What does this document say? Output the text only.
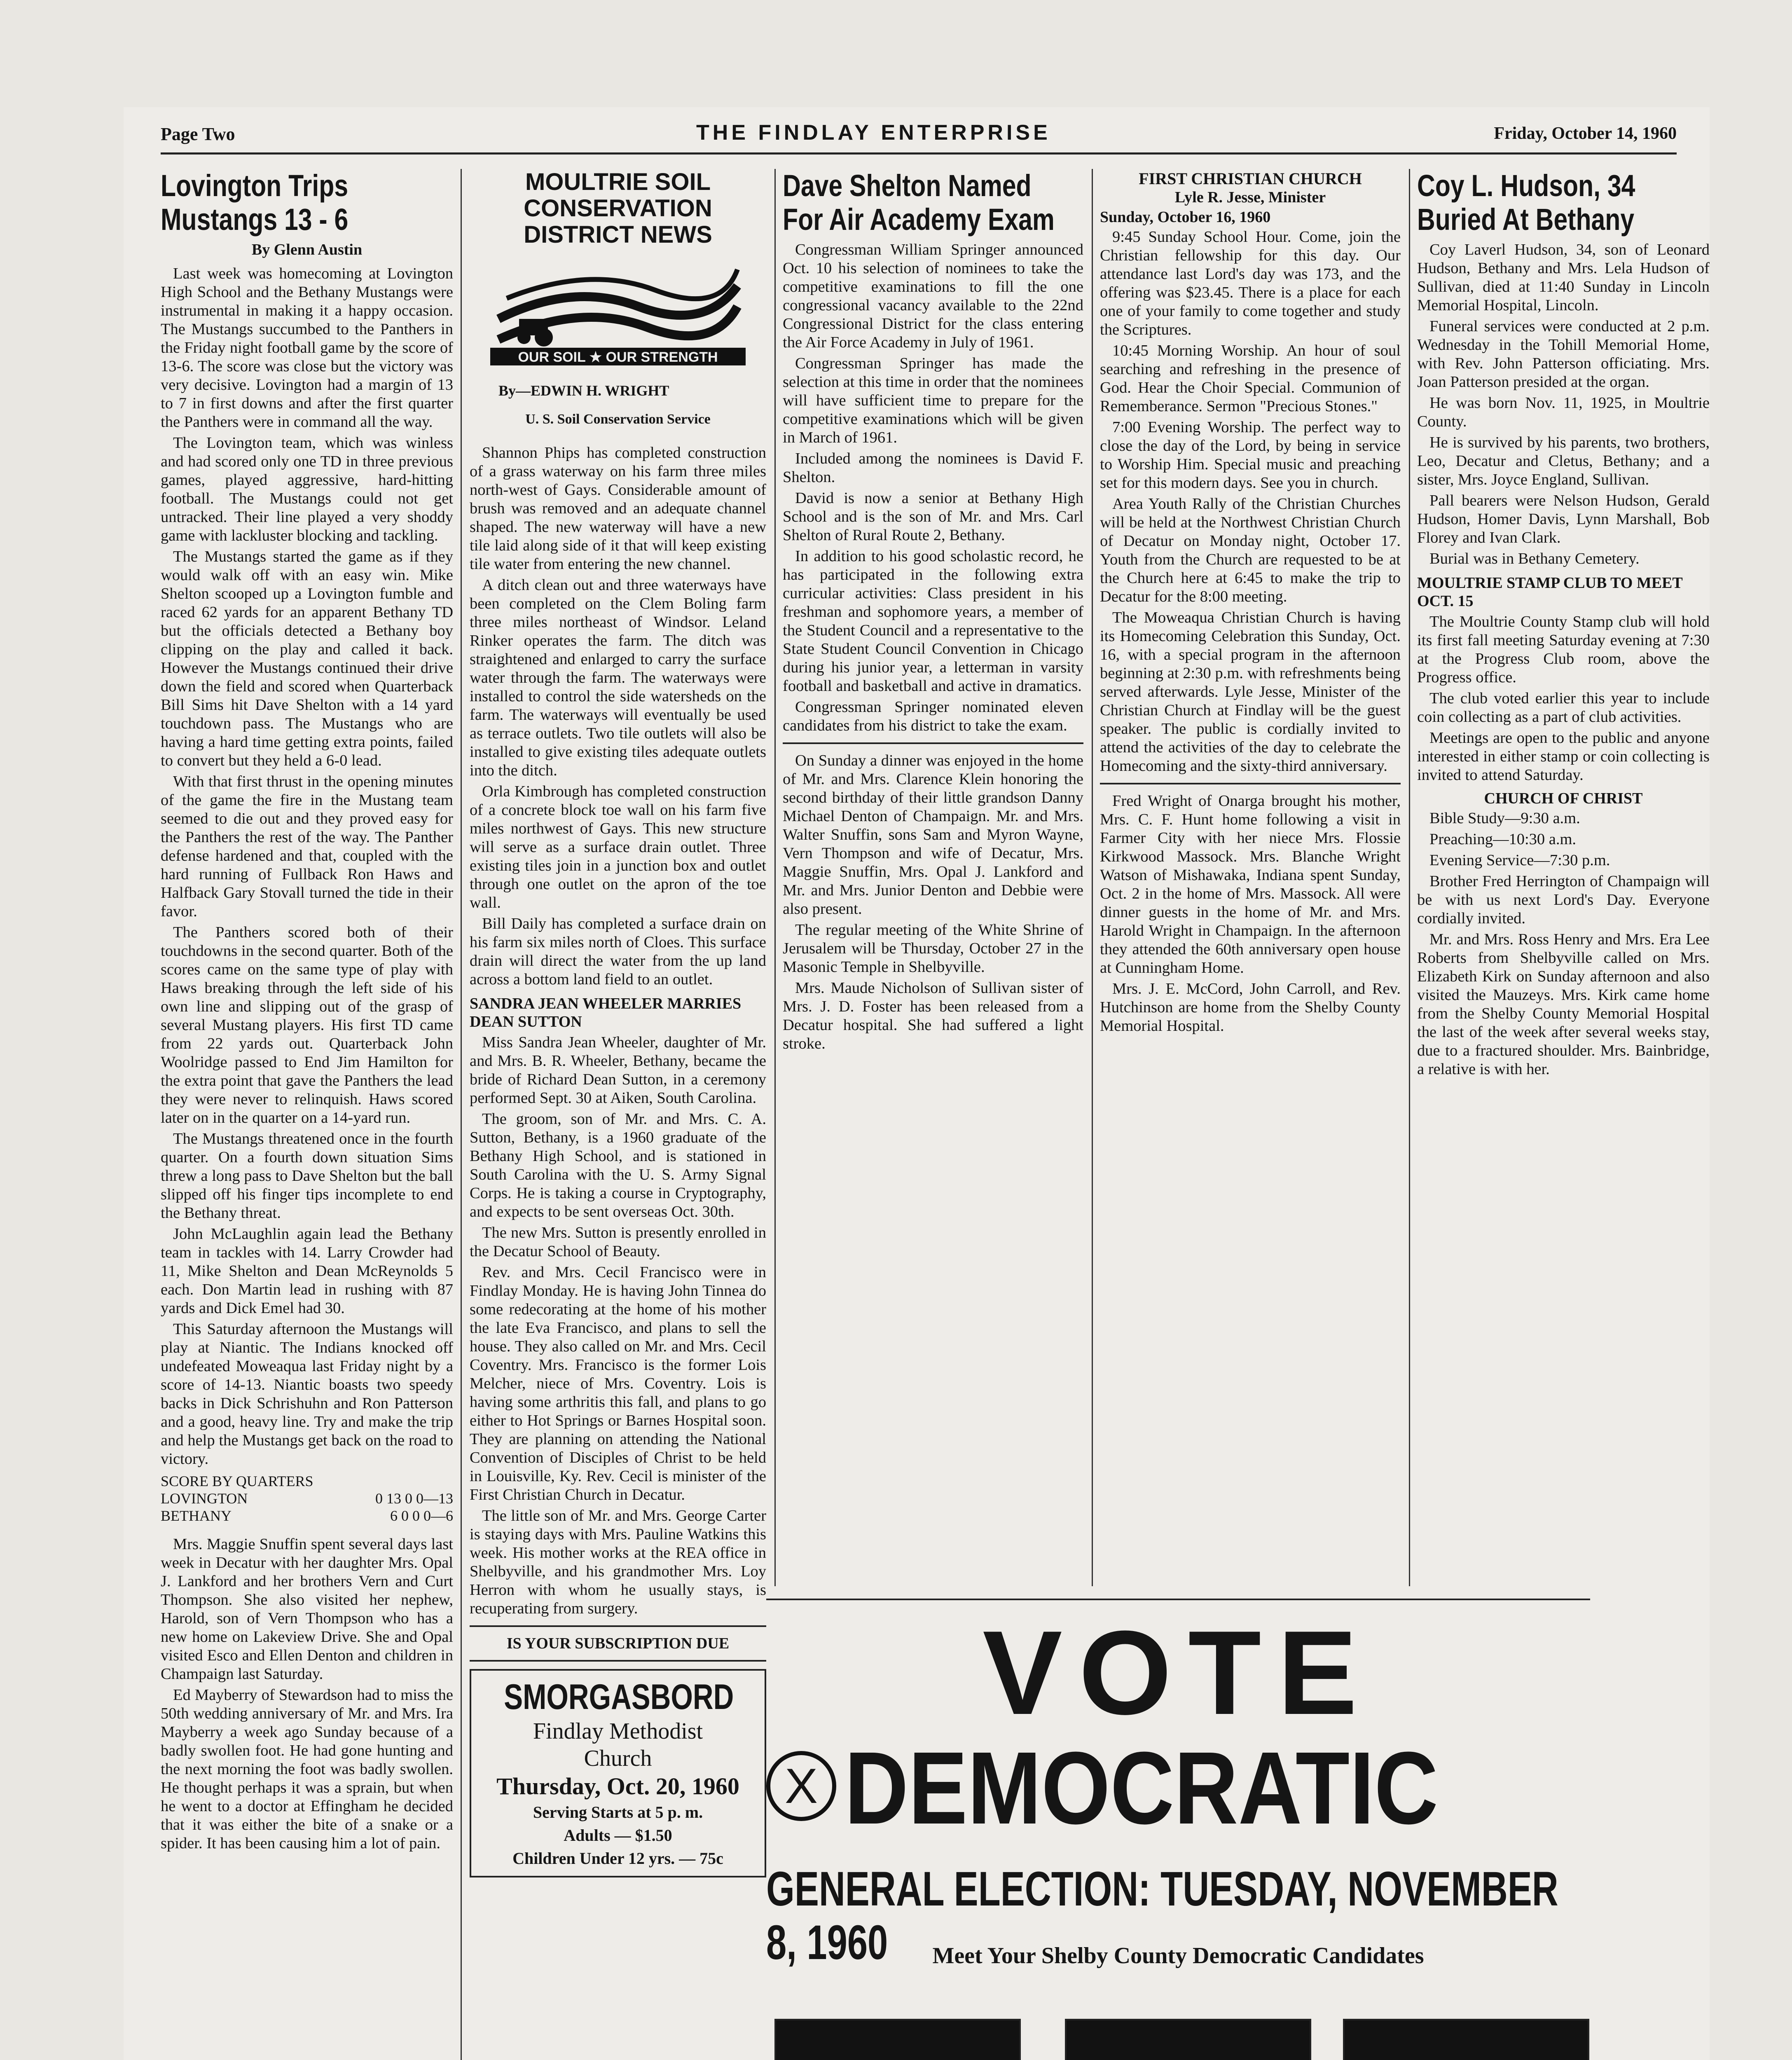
Page Two	THE FINDLAY ENTERPRISE	Friday, October 14, 1960
Lovington Trips
Mustangs 13 - 6
By Glenn Austin

Last week was homecoming at Lovington High School and the Bethany Mustangs were instrumental in making it a happy occasion. The Mustangs succumbed to the Panthers in the Friday night football game by the score of 13-6. The score was close but the victory was very decisive. Lovington had a margin of 13 to 7 in first downs and after the first quarter the Panthers were in command all the way.

The Lovington team, which was winless and had scored only one TD in three previous games, played aggressive, hard-hitting football. The Mustangs could not get untracked. Their line played a very shoddy game with lackluster blocking and tackling.

The Mustangs started the game as if they would walk off with an easy win. Mike Shelton scooped up a Lovington fumble and raced 62 yards for an apparent Bethany TD but the officials detected a Bethany boy clipping on the play and called it back. However the Mustangs continued their drive down the field and scored when Quarterback Bill Sims hit Dave Shelton with a 14 yard touchdown pass. The Mustangs who are having a hard time getting extra points, failed to convert but they held a 6-0 lead.

With that first thrust in the opening minutes of the game the fire in the Mustang team seemed to die out and they proved easy for the Panthers the rest of the way. The Panther defense hardened and that, coupled with the hard running of Fullback Ron Haws and Halfback Gary Stovall turned the tide in their favor.

The Panthers scored both of their touchdowns in the second quarter. Both of the scores came on the same type of play with Haws breaking through the left side of his own line and slipping out of the grasp of several Mustang players. His first TD came from 22 yards out. Quarterback John Woolridge passed to End Jim Hamilton for the extra point that gave the Panthers the lead they were never to relinquish. Haws scored later on in the quarter on a 14-yard run.

The Mustangs threatened once in the fourth quarter. On a fourth down situation Sims threw a long pass to Dave Shelton but the ball slipped off his finger tips incomplete to end the Bethany threat.

John McLaughlin again lead the Bethany team in tackles with 14. Larry Crowder had 11, Mike Shelton and Dean McReynolds 5 each. Don Martin lead in rushing with 87 yards and Dick Emel had 30.

This Saturday afternoon the Mustangs will play at Niantic. The Indians knocked off undefeated Moweaqua last Friday night by a score of 14-13. Niantic boasts two speedy backs in Dick Schrishuhn and Ron Patterson and a good, heavy line. Try and make the trip and help the Mustangs get back on the road to victory.

SCORE BY QUARTERS
LOVINGTON	0 13 0 0—13
BETHANY	6 0 0 0—6

Mrs. Maggie Snuffin spent several days last week in Decatur with her daughter Mrs. Opal J. Lankford and her brothers Vern and Curt Thompson. She also visited her nephew, Harold, son of Vern Thompson who has a new home on Lakeview Drive. She and Opal visited Esco and Ellen Denton and children in Champaign last Saturday.

Ed Mayberry of Stewardson had to miss the 50th wedding anniversary of Mr. and Mrs. Ira Mayberry a week ago Sunday because of a badly swollen foot. He had gone hunting and the next morning the foot was badly swollen. He thought perhaps it was a sprain, but when he went to a doctor at Effingham he decided that it was either the bite of a snake or a spider. It has been causing him a lot of pain.

MOULTRIE SOIL
CONSERVATION
DISTRICT NEWS
OUR SOIL ★ OUR STRENGTH
By—EDWIN H. WRIGHT
U. S. Soil Conservation Service

Shannon Phips has completed construction of a grass waterway on his farm three miles north-west of Gays. Considerable amount of brush was removed and an adequate channel shaped. The new waterway will have a new tile laid along side of it that will keep existing tile water from entering the new channel.

A ditch clean out and three waterways have been completed on the Clem Boling farm three miles northeast of Windsor. Leland Rinker operates the farm. The ditch was straightened and enlarged to carry the surface water through the farm. The waterways were installed to control the side watersheds on the farm. The waterways will eventually be used as terrace outlets. Two tile outlets will also be installed to give existing tiles adequate outlets into the ditch.

Orla Kimbrough has completed construction of a concrete block toe wall on his farm five miles northwest of Gays. This new structure will serve as a surface drain outlet. Three existing tiles join in a junction box and outlet through one outlet on the apron of the toe wall.

Bill Daily has completed a surface drain on his farm six miles north of Cloes. This surface drain will direct the water from the up land across a bottom land field to an outlet.

SANDRA JEAN WHEELER MARRIES DEAN SUTTON

Miss Sandra Jean Wheeler, daughter of Mr. and Mrs. B. R. Wheeler, Bethany, became the bride of Richard Dean Sutton, in a ceremony performed Sept. 30 at Aiken, South Carolina.

The groom, son of Mr. and Mrs. C. A. Sutton, Bethany, is a 1960 graduate of the Bethany High School, and is stationed in South Carolina with the U. S. Army Signal Corps. He is taking a course in Cryptography, and expects to be sent overseas Oct. 30th.

The new Mrs. Sutton is presently enrolled in the Decatur School of Beauty.

Rev. and Mrs. Cecil Francisco were in Findlay Monday. He is having John Tinnea do some redecorating at the home of his mother the late Eva Francisco, and plans to sell the house. They also called on Mr. and Mrs. Cecil Coventry. Mrs. Francisco is the former Lois Melcher, niece of Mrs. Coventry. Lois is having some arthritis this fall, and plans to go either to Hot Springs or Barnes Hospital soon. They are planning on attending the National Convention of Disciples of Christ to be held in Louisville, Ky. Rev. Cecil is minister of the First Christian Church in Decatur.

The little son of Mr. and Mrs. George Carter is staying days with Mrs. Pauline Watkins this week. His mother works at the REA office in Shelbyville, and his grandmother Mrs. Loy Herron with whom he usually stays, is recuperating from surgery.

IS YOUR SUBSCRIPTION DUE
SMORGASBORD
Findlay Methodist
Church
Thursday, Oct. 20, 1960
Serving Starts at 5 p. m.
Adults — $1.50
Children Under 12 yrs. — 75c
Dave Shelton Named
For Air Academy Exam

Congressman William Springer announced Oct. 10 his selection of nominees to take the competitive examinations to fill the one congressional vacancy available to the 22nd Congressional District for the class entering the Air Force Academy in July of 1961.

Congressman Springer has made the selection at this time in order that the nominees will have sufficient time to prepare for the competitive examinations which will be given in March of 1961.

Included among the nominees is David F. Shelton.

David is now a senior at Bethany High School and is the son of Mr. and Mrs. Carl Shelton of Rural Route 2, Bethany.

In addition to his good scholastic record, he has participated in the following extra curricular activities: Class president in his freshman and sophomore years, a member of the Student Council and a representative to the State Student Council Convention in Chicago during his junior year, a letterman in varsity football and basketball and active in dramatics.

Congressman Springer nominated eleven candidates from his district to take the exam.

On Sunday a dinner was enjoyed in the home of Mr. and Mrs. Clarence Klein honoring the second birthday of their little grandson Danny Michael Denton of Champaign. Mr. and Mrs. Walter Snuffin, sons Sam and Myron Wayne, Vern Thompson and wife of Decatur, Mrs. Maggie Snuffin, Mrs. Opal J. Lankford and Mr. and Mrs. Junior Denton and Debbie were also present.

The regular meeting of the White Shrine of Jerusalem will be Thursday, October 27 in the Masonic Temple in Shelbyville.

Mrs. Maude Nicholson of Sullivan sister of Mrs. J. D. Foster has been released from a Decatur hospital. She had suffered a light stroke.

FIRST CHRISTIAN CHURCH
Lyle R. Jesse, Minister
Sunday, October 16, 1960

9:45 Sunday School Hour. Come, join the Christian fellowship for this day. Our attendance last Lord's day was 173, and the offering was $23.45. There is a place for each one of your family to come together and study the Scriptures.

10:45 Morning Worship. An hour of soul searching and refreshing in the presence of God. Hear the Choir Special. Communion of Rememberance. Sermon "Precious Stones."

7:00 Evening Worship. The perfect way to close the day of the Lord, by being in service to Worship Him. Special music and preaching set for this modern days. See you in church.

Area Youth Rally of the Christian Churches will be held at the Northwest Christian Church of Decatur on Monday night, October 17. Youth from the Church are requested to be at the Church here at 6:45 to make the trip to Decatur for the 8:00 meeting.

The Moweaqua Christian Church is having its Homecoming Celebration this Sunday, Oct. 16, with a special program in the afternoon beginning at 2:30 p.m. with refreshments being served afterwards. Lyle Jesse, Minister of the Christian Church at Findlay will be the guest speaker. The public is cordially invited to attend the activities of the day to celebrate the Homecoming and the sixty-third anniversary.

Fred Wright of Onarga brought his mother, Mrs. C. F. Hunt home following a visit in Farmer City with her niece Mrs. Flossie Kirkwood Massock. Mrs. Blanche Wright Watson of Mishawaka, Indiana spent Sunday, Oct. 2 in the home of Mrs. Massock. All were dinner guests in the home of Mr. and Mrs. Harold Wright in Champaign. In the afternoon they attended the 60th anniversary open house at Cunningham Home.

Mrs. J. E. McCord, John Carroll, and Rev. Hutchinson are home from the Shelby County Memorial Hospital.

Coy L. Hudson, 34
Buried At Bethany

Coy Laverl Hudson, 34, son of Leonard Hudson, Bethany and Mrs. Lela Hudson of Sullivan, died at 11:40 Sunday in Lincoln Memorial Hospital, Lincoln.

Funeral services were conducted at 2 p.m. Wednesday in the Tohill Memorial Home, with Rev. John Patterson officiating. Mrs. Joan Patterson presided at the organ.

He was born Nov. 11, 1925, in Moultrie County.

He is survived by his parents, two brothers, Leo, Decatur and Cletus, Bethany; and a sister, Mrs. Joyce England, Sullivan.

Pall bearers were Nelson Hudson, Gerald Hudson, Homer Davis, Lynn Marshall, Bob Florey and Ivan Clark.

Burial was in Bethany Cemetery.

MOULTRIE STAMP CLUB TO MEET OCT. 15

The Moultrie County Stamp club will hold its first fall meeting Saturday evening at 7:30 at the Progress Club room, above the Progress office.

The club voted earlier this year to include coin collecting as a part of club activities.

Meetings are open to the public and anyone interested in either stamp or coin collecting is invited to attend Saturday.

CHURCH OF CHRIST

Bible Study—9:30 a.m.

Preaching—10:30 a.m.

Evening Service—7:30 p.m.

Brother Fred Herrington of Champaign will be with us next Lord's Day. Everyone cordially invited.

Mr. and Mrs. Ross Henry and Mrs. Era Lee Roberts from Shelbyville called on Mrs. Elizabeth Kirk on Sunday afternoon and also visited the Mauzeys. Mrs. Kirk came home from the Shelby County Memorial Hospital the last of the week after several weeks stay, due to a fractured shoulder. Mrs. Bainbridge, a relative is with her.

VOTE
X DEMOCRATIC
GENERAL ELECTION: TUESDAY, NOVEMBER 8, 1960	Meet Your Shelby County Democratic Candidates
